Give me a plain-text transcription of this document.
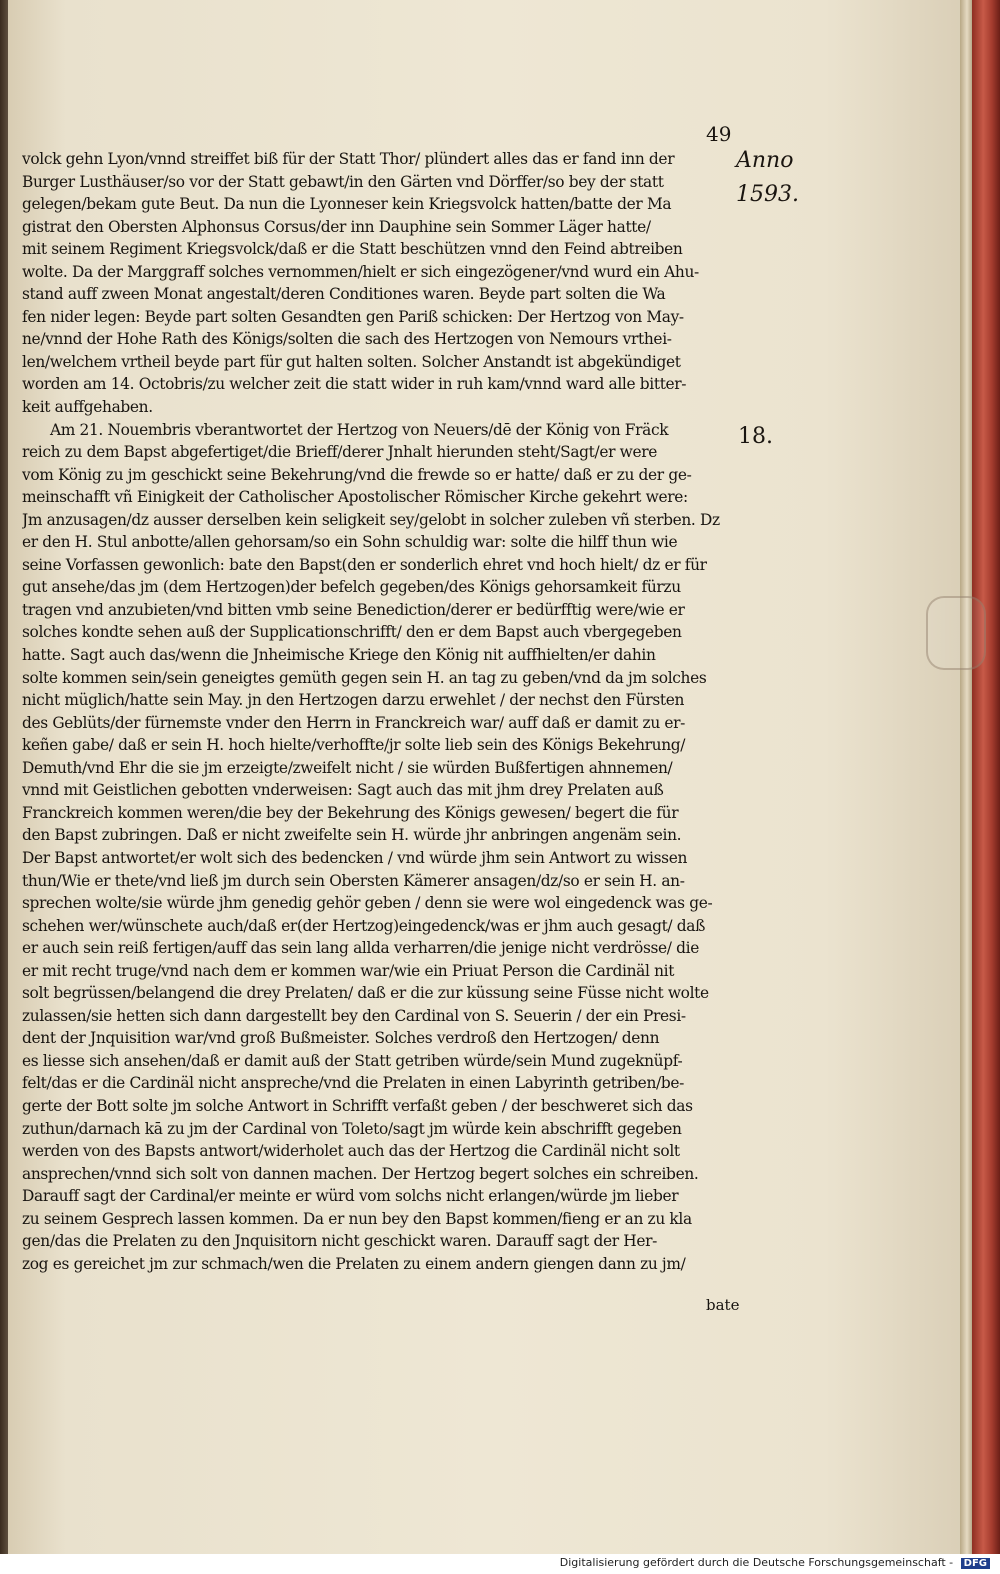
49
Anno
1593.
18.

volck gehn Lyon/vnnd streiffet biß für der Statt Thor/ plündert alles das er fand inn der
Burger Lusthäuser/so vor der Statt gebawt/in den Gärten vnd Dörffer/so bey der statt
gelegen/bekam gute Beut. Da nun die Lyonneser kein Kriegsvolck hatten/batte der Ma
gistrat den Obersten Alphonsus Corsus/der inn Dauphine sein Sommer Läger hatte/
mit seinem Regiment Kriegsvolck/daß er die Statt beschützen vnnd den Feind abtreiben
wolte. Da der Marggraff solches vernommen/hielt er sich eingezögener/vnd wurd ein Ahu-
stand auff zween Monat angestalt/deren Conditiones waren. Beyde part solten die Wa
fen nider legen: Beyde part solten Gesandten gen Pariß schicken: Der Hertzog von May-
ne/vnnd der Hohe Rath des Königs/solten die sach des Hertzogen von Nemours vrthei-
len/welchem vrtheil beyde part für gut halten solten. Solcher Anstandt ist abgekündiget
worden am 14. Octobris/zu welcher zeit die statt wider in ruh kam/vnnd ward alle bitter-
keit auffgehaben.

Am 21. Nouembris vberantwortet der Hertzog von Neuers/dē der König von Fräck
reich zu dem Bapst abgefertiget/die Brieff/derer Jnhalt hierunden steht/Sagt/er were
vom König zu jm geschickt seine Bekehrung/vnd die frewde so er hatte/ daß er zu der ge-
meinschafft vñ Einigkeit der Catholischer Apostolischer Römischer Kirche gekehrt were:
Jm anzusagen/dz ausser derselben kein seligkeit sey/gelobt in solcher zuleben vñ sterben. Dz
er den H. Stul anbotte/allen gehorsam/so ein Sohn schuldig war: solte die hilff thun wie
seine Vorfassen gewonlich: bate den Bapst(den er sonderlich ehret vnd hoch hielt/ dz er für
gut ansehe/das jm (dem Hertzogen)der befelch gegeben/des Königs gehorsamkeit fürzu
tragen vnd anzubieten/vnd bitten vmb seine Benediction/derer er bedürfftig were/wie er
solches kondte sehen auß der Supplicationschrifft/ den er dem Bapst auch vbergegeben
hatte. Sagt auch das/wenn die Jnheimische Kriege den König nit auffhielten/er dahin
solte kommen sein/sein geneigtes gemüth gegen sein H. an tag zu geben/vnd da jm solches
nicht müglich/hatte sein May. jn den Hertzogen darzu erwehlet / der nechst den Fürsten
des Geblüts/der fürnemste vnder den Herrn in Franckreich war/ auff daß er damit zu er-
keñen gabe/ daß er sein H. hoch hielte/verhoffte/jr solte lieb sein des Königs Bekehrung/
Demuth/vnd Ehr die sie jm erzeigte/zweifelt nicht / sie würden Bußfertigen ahnnemen/
vnnd mit Geistlichen gebotten vnderweisen: Sagt auch das mit jhm drey Prelaten auß
Franckreich kommen weren/die bey der Bekehrung des Königs gewesen/ begert die für
den Bapst zubringen. Daß er nicht zweifelte sein H. würde jhr anbringen angenäm sein.
Der Bapst antwortet/er wolt sich des bedencken / vnd würde jhm sein Antwort zu wissen
thun/Wie er thete/vnd ließ jm durch sein Obersten Kämerer ansagen/dz/so er sein H. an-
sprechen wolte/sie würde jhm genedig gehör geben / denn sie were wol eingedenck was ge-
schehen wer/wünschete auch/daß er(der Hertzog)eingedenck/was er jhm auch gesagt/ daß
er auch sein reiß fertigen/auff das sein lang allda verharren/die jenige nicht verdrösse/ die
er mit recht truge/vnd nach dem er kommen war/wie ein Priuat Person die Cardinäl nit
solt begrüssen/belangend die drey Prelaten/ daß er die zur küssung seine Füsse nicht wolte
zulassen/sie hetten sich dann dargestellt bey den Cardinal von S. Seuerin / der ein Presi-
dent der Jnquisition war/vnd groß Bußmeister. Solches verdroß den Hertzogen/ denn
es liesse sich ansehen/daß er damit auß der Statt getriben würde/sein Mund zugeknüpf-
felt/das er die Cardinäl nicht anspreche/vnd die Prelaten in einen Labyrinth getriben/be-
gerte der Bott solte jm solche Antwort in Schrifft verfaßt geben / der beschweret sich das
zuthun/darnach kā zu jm der Cardinal von Toleto/sagt jm würde kein abschrifft gegeben
werden von des Bapsts antwort/widerholet auch das der Hertzog die Cardinäl nicht solt
ansprechen/vnnd sich solt von dannen machen. Der Hertzog begert solches ein schreiben.
Darauff sagt der Cardinal/er meinte er würd vom solchs nicht erlangen/würde jm lieber
zu seinem Gesprech lassen kommen. Da er nun bey den Bapst kommen/fieng er an zu kla
gen/das die Prelaten zu den Jnquisitorn nicht geschickt waren. Darauff sagt der Her-
zog es gereichet jm zur schmach/wen die Prelaten zu einem andern giengen dann zu jm/

bate
Digitalisierung gefördert durch die Deutsche Forschungsgemeinschaft - DFG
